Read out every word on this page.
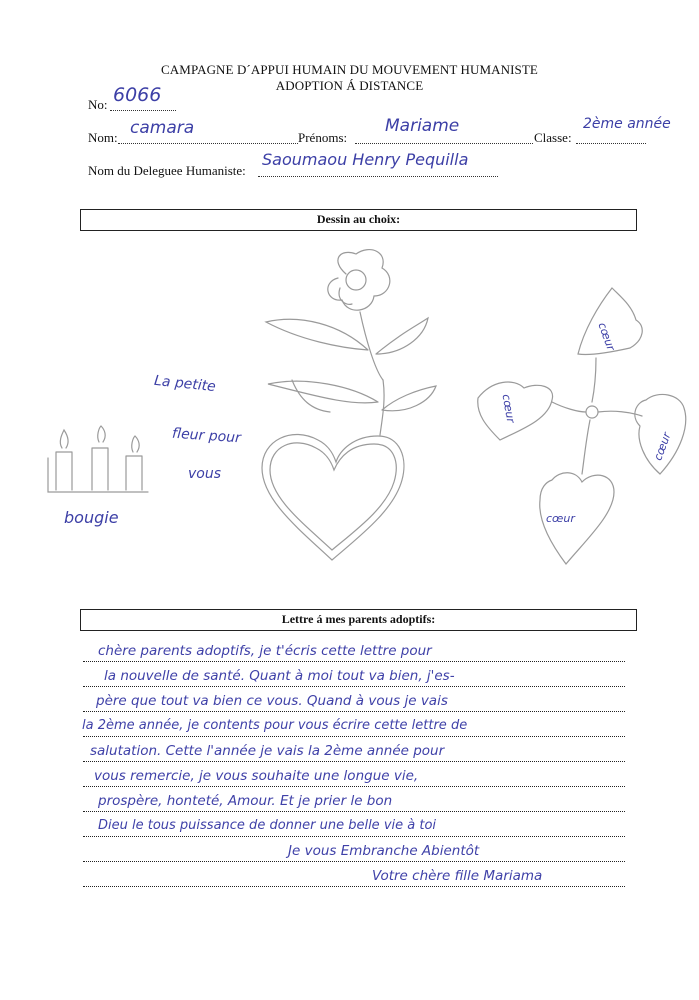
CAMPAGNE D´APPUI HUMAIN DU MOUVEMENT HUMANISTE
ADOPTION Á DISTANCE
No: 6066
Nom: camara	Prénoms:
Mariame
Classe:
2ème année
Nom du Deleguee Humaniste:
Saoumaou Henry Pequilla
Dessin au choix:
La petite
fleur pour
vous
bougie
cœur
cœur
cœur
cœur
Lettre á mes parents adoptifs:
chère parents adoptifs, je t'écris cette lettre pour
la nouvelle de santé. Quant à moi tout va bien, j'es-
père que tout va bien ce vous. Quand à vous je vais
la 2ème année, je contents pour vous écrire cette lettre de
salutation. Cette l'année je vais la 2ème année pour
vous remercie, je vous souhaite une longue vie,
prospère, honteté, Amour. Et je prier le bon
Dieu le tous puissance de donner une belle vie à toi
Je vous Embranche Abientôt
Votre chère fille Mariama
